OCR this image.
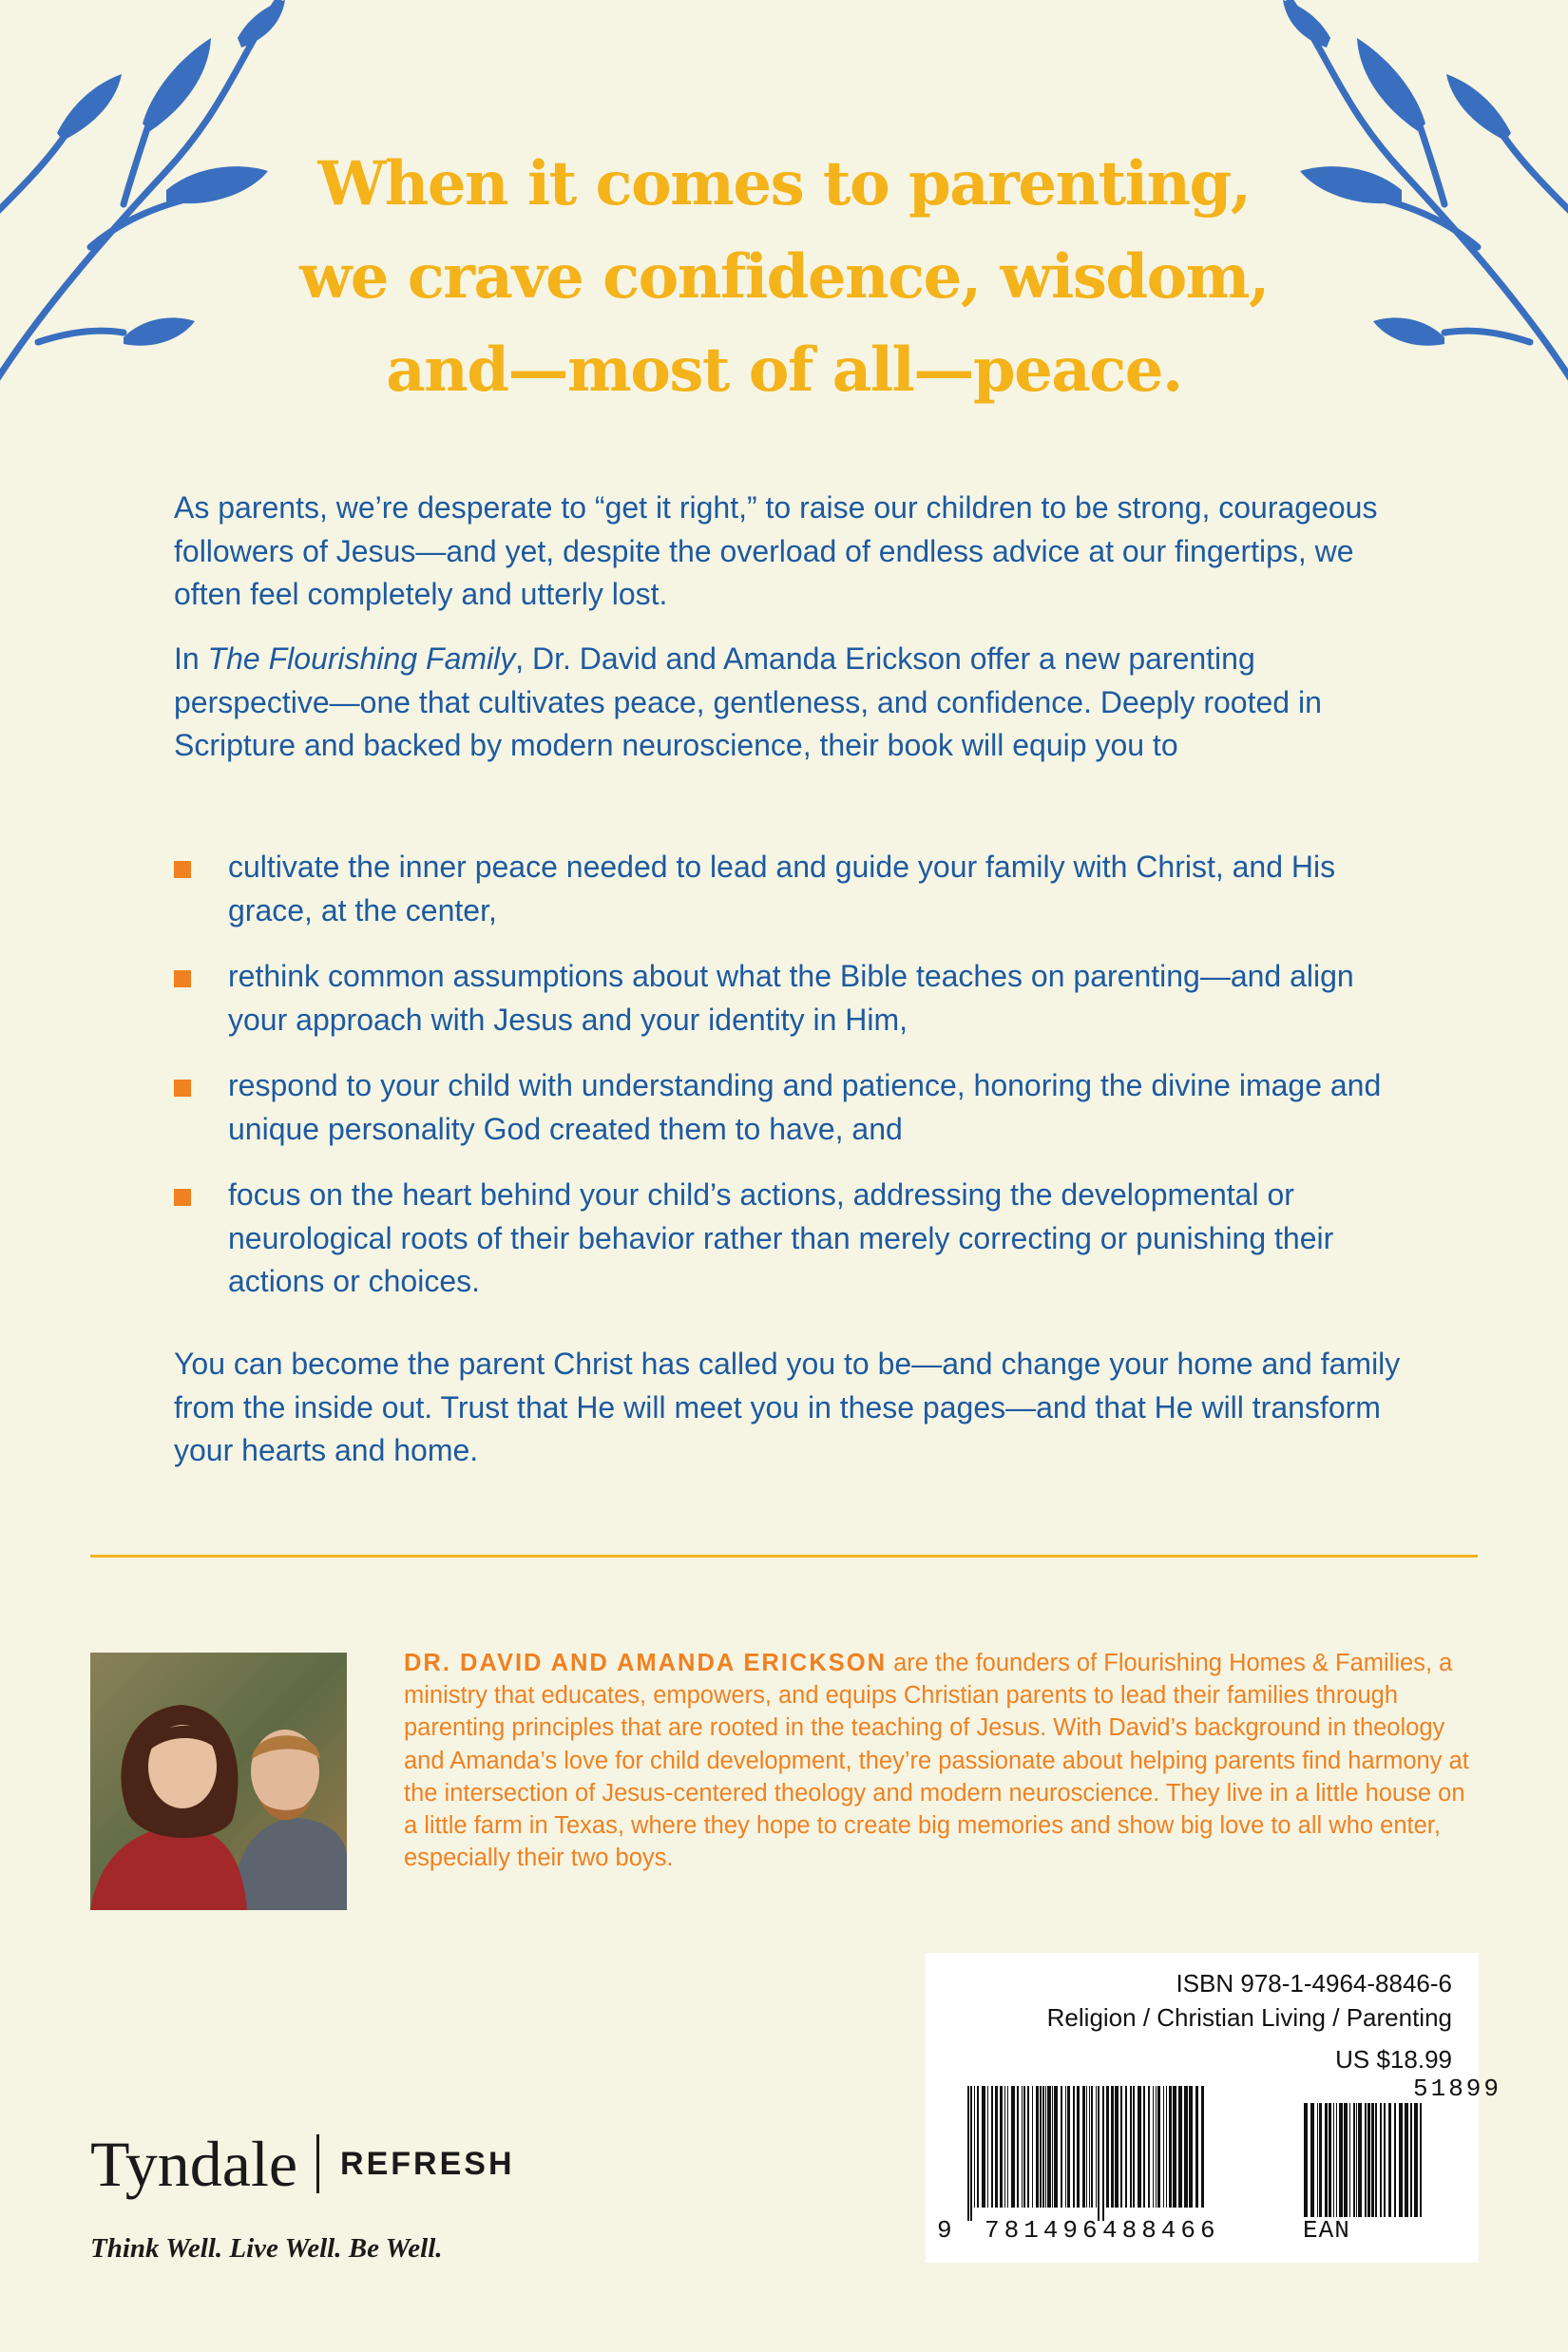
When it comes to parenting,
we crave confidence, wisdom,
and—most of all—peace.

As parents, we’re desperate to “get it right,” to raise our children to be strong, courageous followers of Jesus—and yet, despite the overload of endless advice at our fingertips, we often feel completely and utterly lost.

In The Flourishing Family, Dr. David and Amanda Erickson offer a new parenting perspective—one that cultivates peace, gentleness, and confidence. Deeply rooted in Scripture and backed by modern neuroscience, their book will equip you to

cultivate the inner peace needed to lead and guide your family with Christ, and His grace, at the center,
rethink common assumptions about what the Bible teaches on parenting—and align your approach with Jesus and your identity in Him,
respond to your child with understanding and patience, honoring the divine image and unique personality God created them to have, and
focus on the heart behind your child’s actions, addressing the developmental or neurological roots of their behavior rather than merely correcting or punishing their actions or choices.

You can become the parent Christ has called you to be—and change your home and family from the inside out. Trust that He will meet you in these pages—and that He will transform your hearts and home.

DR. DAVID AND AMANDA ERICKSON are the founders of Flourishing Homes & Families, a ministry that educates, empowers, and equips Christian parents to lead their families through parenting principles that are rooted in the teaching of Jesus. With David’s background in theology and Amanda’s love for child development, they’re passionate about helping parents find harmony at the intersection of Jesus-centered theology and modern neuroscience. They live in a little house on a little farm in Texas, where they hope to create big memories and show big love to all who enter, especially their two boys.

ISBN 978-1-4964-8846-6
Religion / Christian Living / Parenting
US $18.99
51899
9 781496 488466	EAN
Tyndale REFRESH
Think Well. Live Well. Be Well.
